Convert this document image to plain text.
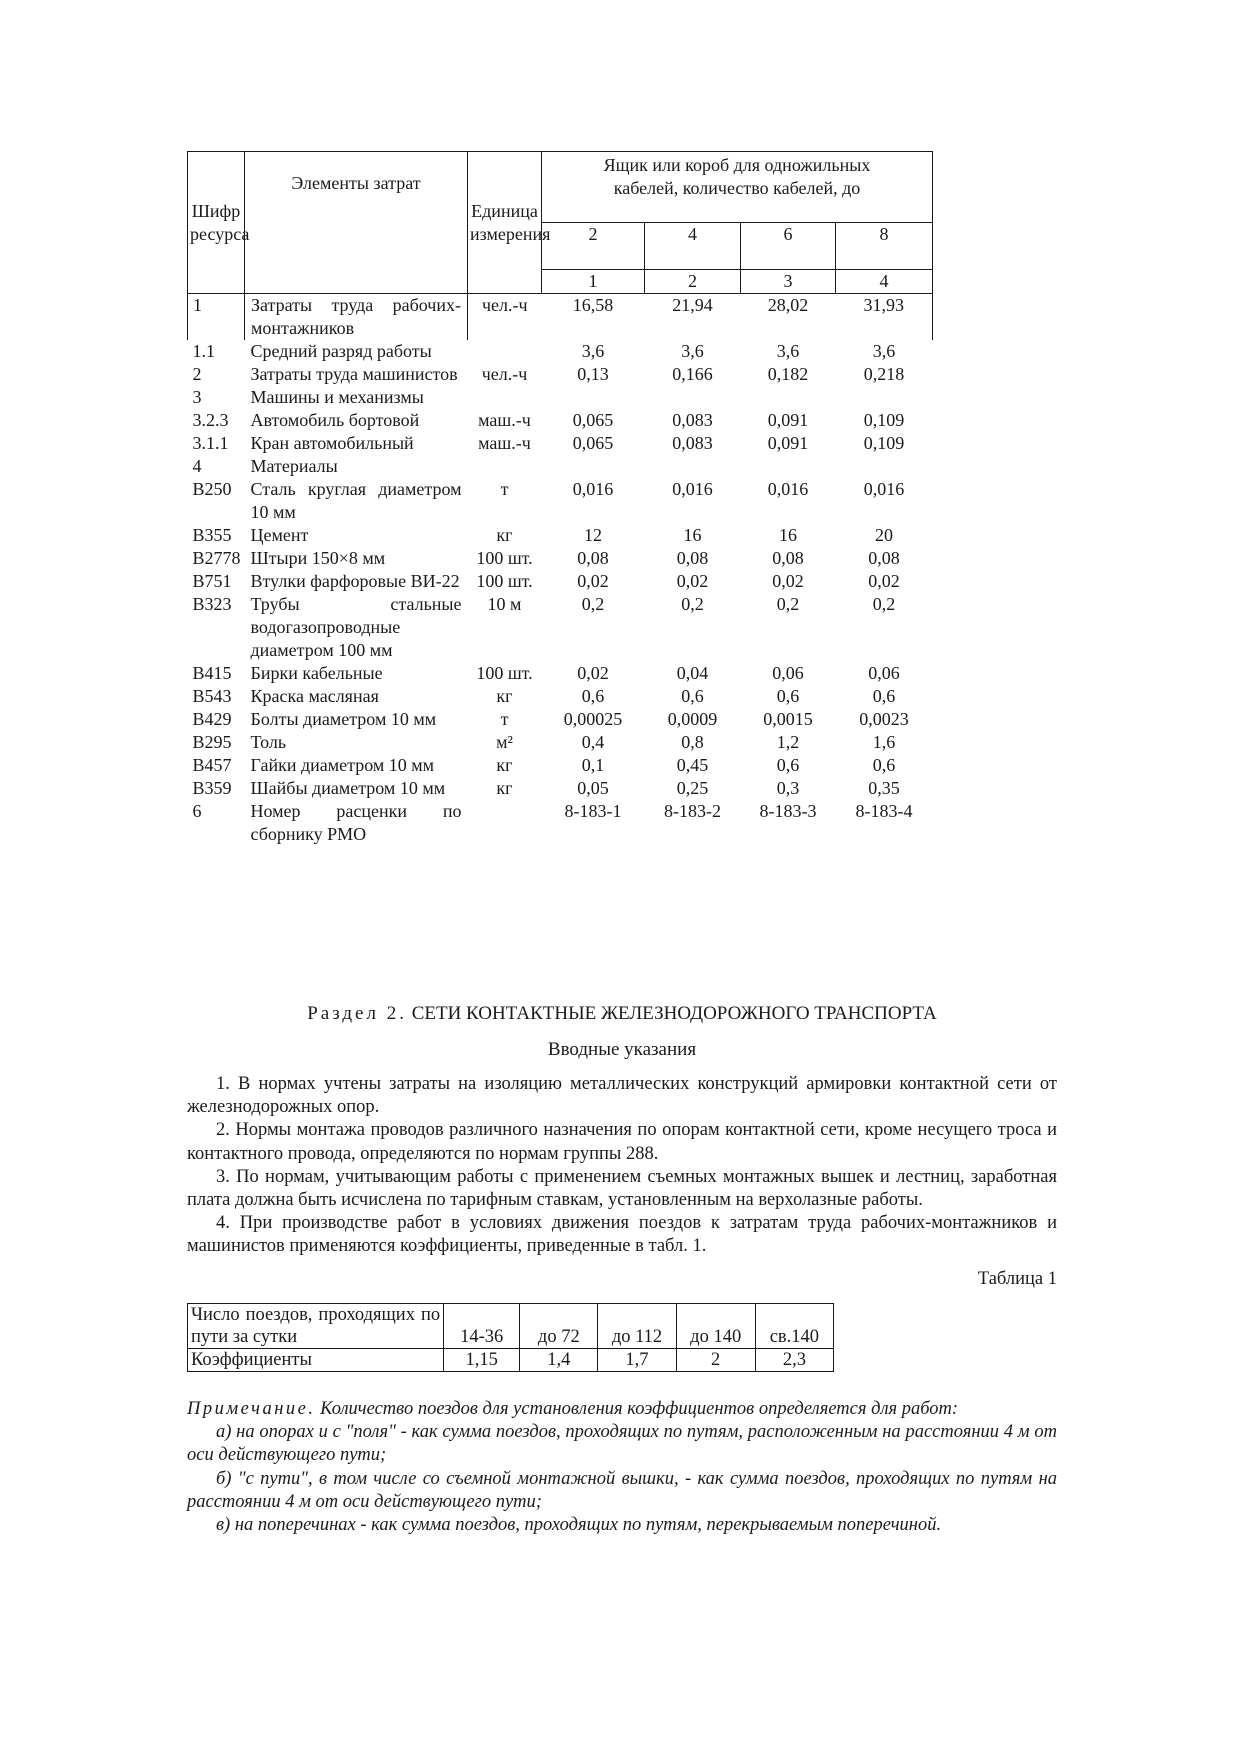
Шифр ресурса	Элементы затрат	Единица измерения	Ящик или короб для одножильных кабелей, количество кабелей, до			
			2	4	6	8
			1	2	3	4
1	Затраты труда рабочих-монтажников	чел.-ч	16,58	21,94	28,02	31,93
1.1	Средний разряд работы		3,6	3,6	3,6	3,6
2	Затраты труда машинистов	чел.-ч	0,13	0,166	0,182	0,218
3	Машины и механизмы					
3.2.3	Автомобиль бортовой	маш.-ч	0,065	0,083	0,091	0,109
3.1.1	Кран автомобильный	маш.-ч	0,065	0,083	0,091	0,109
4	Материалы					
В250	Сталь круглая диаметром 10 мм	т	0,016	0,016	0,016	0,016
В355	Цемент	кг	12	16	16	20
В2778	Штыри 150×8 мм	100 шт.	0,08	0,08	0,08	0,08
В751	Втулки фарфоровые ВИ-22	100 шт.	0,02	0,02	0,02	0,02
В323	Трубы стальные водогазопроводные диаметром 100 мм	10 м	0,2	0,2	0,2	0,2
В415	Бирки кабельные	100 шт.	0,02	0,04	0,06	0,06
В543	Краска масляная	кг	0,6	0,6	0,6	0,6
В429	Болты диаметром 10 мм	т	0,00025	0,0009	0,0015	0,0023
В295	Толь	м²	0,4	0,8	1,2	1,6
В457	Гайки диаметром 10 мм	кг	0,1	0,45	0,6	0,6
В359	Шайбы диаметром 10 мм	кг	0,05	0,25	0,3	0,35
6	Номер расценки по сборнику РМО		8-183-1	8-183-2	8-183-3	8-183-4
Раздел 2. СЕТИ КОНТАКТНЫЕ ЖЕЛЕЗНОДОРОЖНОГО ТРАНСПОРТА
Вводные указания

1. В нормах учтены затраты на изоляцию металлических конструкций армировки контактной сети от железнодорожных опор.

2. Нормы монтажа проводов различного назначения по опорам контактной сети, кроме несущего троса и контактного провода, определяются по нормам группы 288.

3. По нормам, учитывающим работы с применением съемных монтажных вышек и лестниц, заработная плата должна быть исчислена по тарифным ставкам, установленным на верхолазные работы.

4. При производстве работ в условиях движения поездов к затратам труда рабочих-монтажников и машинистов применяются коэффициенты, приведенные в табл. 1.

Таблица 1
Число поездов, проходящих по пути за сутки	14-36	до 72	до 112	до 140	св.140
Коэффициенты	1,15	1,4	1,7	2	2,3

Примечание. Количество поездов для установления коэффициентов определяется для работ:

а) на опорах и с "поля" - как сумма поездов, проходящих по путям, расположенным на расстоянии 4 м от оси действующего пути;

б) "с пути", в том числе со съемной монтажной вышки, - как сумма поездов, проходящих по путям на расстоянии 4 м от оси действующего пути;

в) на поперечинах - как сумма поездов, проходящих по путям, перекрываемым поперечиной.
